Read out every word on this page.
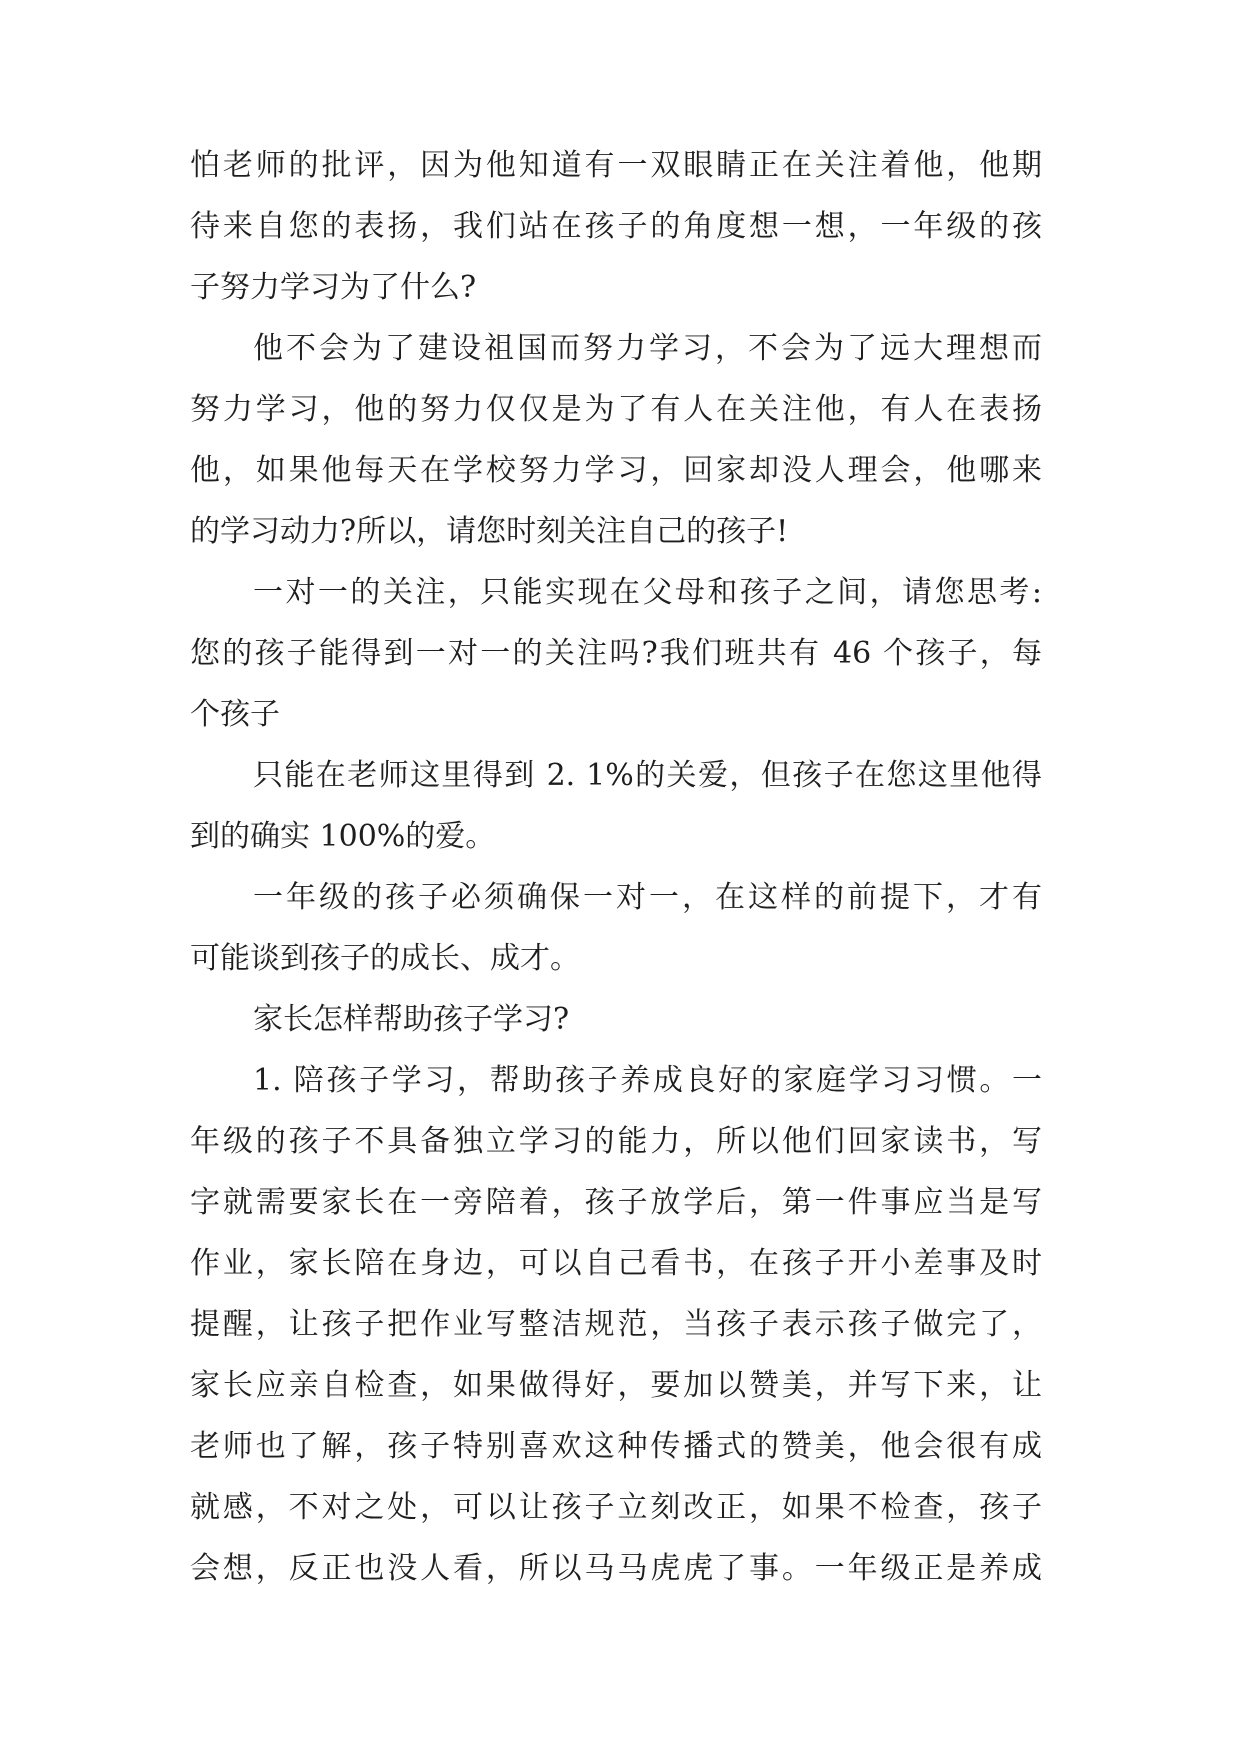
怕老师的批评，因为他知道有一双眼睛正在关注着他，他期
待来自您的表扬，我们站在孩子的角度想一想，一年级的孩
子努力学习为了什么?
他不会为了建设祖国而努力学习，不会为了远大理想而
努力学习，他的努力仅仅是为了有人在关注他，有人在表扬
他，如果他每天在学校努力学习，回家却没人理会，他哪来
的学习动力?所以，请您时刻关注自己的孩子!
一对一的关注，只能实现在父母和孩子之间，请您思考:
您的孩子能得到一对一的关注吗?我们班共有 46 个孩子，每
个孩子
只能在老师这里得到 2. 1%的关爱，但孩子在您这里他得
到的确实 100%的爱。
一年级的孩子必须确保一对一，在这样的前提下，才有
可能谈到孩子的成长、成才。
家长怎样帮助孩子学习?
1. 陪孩子学习，帮助孩子养成良好的家庭学习习惯。一
年级的孩子不具备独立学习的能力，所以他们回家读书，写
字就需要家长在一旁陪着，孩子放学后，第一件事应当是写
作业，家长陪在身边，可以自己看书，在孩子开小差事及时
提醒，让孩子把作业写整洁规范，当孩子表示孩子做完了，
家长应亲自检查，如果做得好，要加以赞美，并写下来，让
老师也了解，孩子特别喜欢这种传播式的赞美，他会很有成
就感，不对之处，可以让孩子立刻改正，如果不检查，孩子
会想，反正也没人看，所以马马虎虎了事。一年级正是养成
